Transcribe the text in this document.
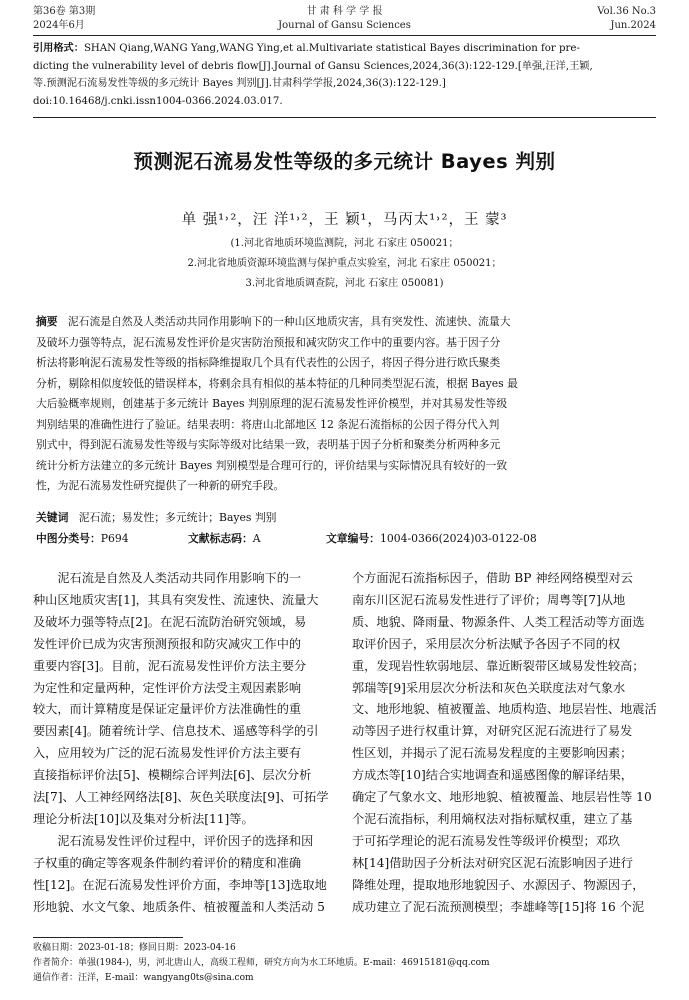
第36卷 第3期
2024年6月
甘 肃 科 学 学 报
Journal of Gansu Sciences
Vol.36 No.3
Jun.2024
引用格式：SHAN Qiang,WANG Yang,WANG Ying,et al.Multivariate statistical Bayes discrimination for pre-
dicting the vulnerability level of debris flow[J].Journal of Gansu Sciences,2024,36(3):122-129.[单强,汪洋,王颖,
等.预测泥石流易发性等级的多元统计 Bayes 判别[J].甘肃科学学报,2024,36(3):122-129.]
doi:10.16468/j.cnki.issn1004-0366.2024.03.017.
预测泥石流易发性等级的多元统计 Bayes 判别
单 强¹˒²，汪 洋¹˒²，王 颖¹，马丙太¹˒²，王 蒙³
(1.河北省地质环境监测院，河北 石家庄 050021；
2.河北省地质资源环境监测与保护重点实验室，河北 石家庄 050021；
3.河北省地质调查院，河北 石家庄 050081)
摘要 泥石流是自然及人类活动共同作用影响下的一种山区地质灾害，具有突发性、流速快、流量大
及破坏力强等特点，泥石流易发性评价是灾害防治预报和减灾防灾工作中的重要内容。基于因子分
析法将影响泥石流易发性等级的指标降维提取几个具有代表性的公因子，将因子得分进行欧氏聚类
分析，剔除相似度较低的错误样本，将剩余具有相似的基本特征的几种同类型泥石流，根据 Bayes 最
大后验概率规则，创建基于多元统计 Bayes 判别原理的泥石流易发性评价模型，并对其易发性等级
判别结果的准确性进行了验证。结果表明：将唐山北部地区 12 条泥石流指标的公因子得分代入判
别式中，得到泥石流易发性等级与实际等级对比结果一致，表明基于因子分析和聚类分析两种多元
统计分析方法建立的多元统计 Bayes 判别模型是合理可行的，评价结果与实际情况具有较好的一致
性，为泥石流易发性研究提供了一种新的研究手段。
关键词 泥石流；易发性；多元统计；Bayes 判别
中图分类号：P694	文献标志码：A	文章编号：1004-0366(2024)03-0122-08
　　泥石流是自然及人类活动共同作用影响下的一
种山区地质灾害[1]，其具有突发性、流速快、流量大
及破坏力强等特点[2]。在泥石流防治研究领域，易
发性评价已成为灾害预测预报和防灾减灾工作中的
重要内容[3]。目前，泥石流易发性评价方法主要分
为定性和定量两种，定性评价方法受主观因素影响
较大，而计算精度是保证定量评价方法准确性的重
要因素[4]。随着统计学、信息技术、遥感等科学的引
入，应用较为广泛的泥石流易发性评价方法主要有
直接指标评价法[5]、模糊综合评判法[6]、层次分析
法[7]、人工神经网络法[8]、灰色关联度法[9]、可拓学
理论分析法[10]以及集对分析法[11]等。
　　泥石流易发性评价过程中，评价因子的选择和因
子权重的确定等客观条件制约着评价的精度和准确
性[12]。在泥石流易发性评价方面，李坤等[13]选取地
形地貌、水文气象、地质条件、植被覆盖和人类活动 5
个方面泥石流指标因子，借助 BP 神经网络模型对云
南东川区泥石流易发性进行了评价；周粤等[7]从地
质、地貌、降雨量、物源条件、人类工程活动等方面选
取评价因子，采用层次分析法赋予各因子不同的权
重，发现岩性软弱地层、靠近断裂带区域易发性较高；
郭瑞等[9]采用层次分析法和灰色关联度法对气象水
文、地形地貌、植被覆盖、地质构造、地层岩性、地震活
动等因子进行权重计算，对研究区泥石流进行了易发
性区划，并揭示了泥石流易发程度的主要影响因素；
方成杰等[10]结合实地调查和遥感图像的解译结果，
确定了气象水文、地形地貌、植被覆盖、地层岩性等 10
个泥石流指标，利用熵权法对指标赋权重，建立了基
于可拓学理论的泥石流易发性等级评价模型；邓玖
林[14]借助因子分析法对研究区泥石流影响因子进行
降维处理，提取地形地貌因子、水源因子、物源因子，
成功建立了泥石流预测模型；李雄峰等[15]将 16 个泥
收稿日期：2023-01-18；修回日期：2023-04-16
作者简介：单强(1984-)，男，河北唐山人，高级工程师，研究方向为水工环地质。E-mail：46915181@qq.com
通信作者：汪洋，E-mail：wangyang0ts@sina.com
